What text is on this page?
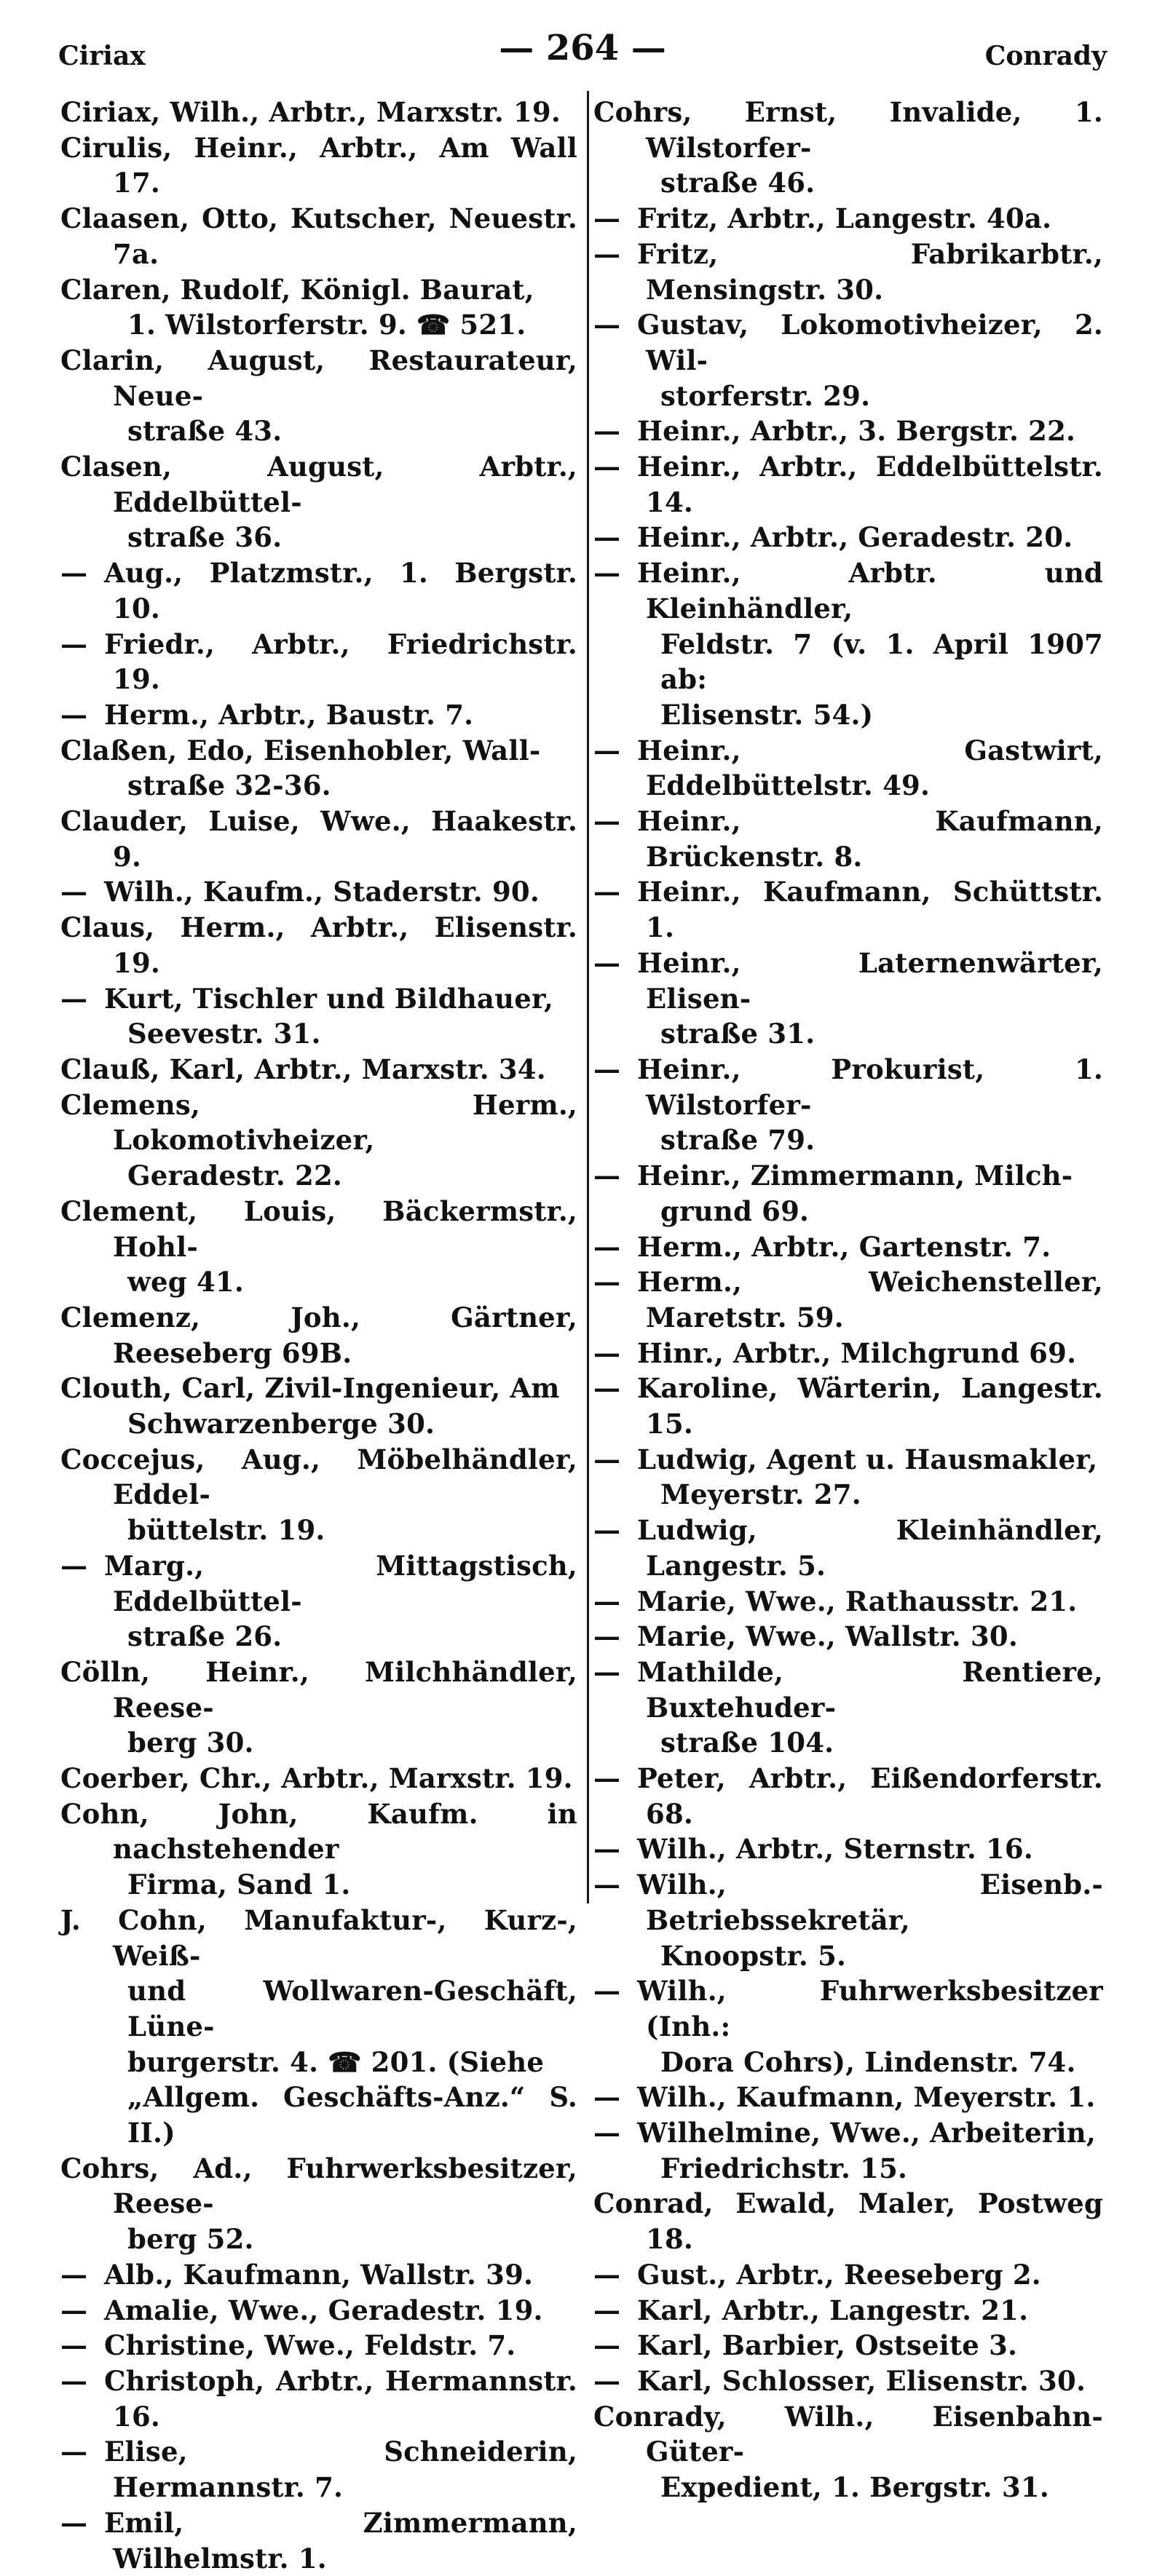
Ciriax	— 264 —	Conrady
Ciriax, Wilh., Arbtr., Marxstr. 19.
Cirulis, Heinr., Arbtr., Am Wall 17.
Claasen, Otto, Kutscher, Neuestr. 7a.
Claren, Rudolf, Königl. Baurat,
1. Wilstorferstr. 9. ☎ 521.
Clarin, August, Restaurateur, Neue-
straße 43.
Clasen, August, Arbtr., Eddelbüttel-
straße 36.
— Aug., Platzmstr., 1. Bergstr. 10.
— Friedr., Arbtr., Friedrichstr. 19.
— Herm., Arbtr., Baustr. 7.
Claßen, Edo, Eisenhobler, Wall-
straße 32-36.
Clauder, Luise, Wwe., Haakestr. 9.
— Wilh., Kaufm., Staderstr. 90.
Claus, Herm., Arbtr., Elisenstr. 19.
— Kurt, Tischler und Bildhauer,
Seevestr. 31.
Clauß, Karl, Arbtr., Marxstr. 34.
Clemens, Herm., Lokomotivheizer,
Geradestr. 22.
Clement, Louis, Bäckermstr., Hohl-
weg 41.
Clemenz, Joh., Gärtner, Reeseberg 69B.
Clouth, Carl, Zivil-Ingenieur, Am
Schwarzenberge 30.
Coccejus, Aug., Möbelhändler, Eddel-
büttelstr. 19.
— Marg., Mittagstisch, Eddelbüttel-
straße 26.
Cölln, Heinr., Milchhändler, Reese-
berg 30.
Coerber, Chr., Arbtr., Marxstr. 19.
Cohn, John, Kaufm. in nachstehender
Firma, Sand 1.
J. Cohn, Manufaktur-, Kurz-, Weiß-
und Wollwaren-Geschäft, Lüne-
burgerstr. 4. ☎ 201. (Siehe
„Allgem. Geschäfts-Anz.“ S. II.)
Cohrs, Ad., Fuhrwerksbesitzer, Reese-
berg 52.
— Alb., Kaufmann, Wallstr. 39.
— Amalie, Wwe., Geradestr. 19.
— Christine, Wwe., Feldstr. 7.
— Christoph, Arbtr., Hermannstr. 16.
— Elise, Schneiderin, Hermannstr. 7.
— Emil, Zimmermann, Wilhelmstr. 1.
Cohrs, Ernst, Invalide, 1. Wilstorfer-
straße 46.
— Fritz, Arbtr., Langestr. 40a.
— Fritz, Fabrikarbtr., Mensingstr. 30.
— Gustav, Lokomotivheizer, 2. Wil-
storferstr. 29.
— Heinr., Arbtr., 3. Bergstr. 22.
— Heinr., Arbtr., Eddelbüttelstr. 14.
— Heinr., Arbtr., Geradestr. 20.
— Heinr., Arbtr. und Kleinhändler,
Feldstr. 7 (v. 1. April 1907 ab:
Elisenstr. 54.)
— Heinr., Gastwirt, Eddelbüttelstr. 49.
— Heinr., Kaufmann, Brückenstr. 8.
— Heinr., Kaufmann, Schüttstr. 1.
— Heinr., Laternenwärter, Elisen-
straße 31.
— Heinr., Prokurist, 1. Wilstorfer-
straße 79.
— Heinr., Zimmermann, Milch-
grund 69.
— Herm., Arbtr., Gartenstr. 7.
— Herm., Weichensteller, Maretstr. 59.
— Hinr., Arbtr., Milchgrund 69.
— Karoline, Wärterin, Langestr. 15.
— Ludwig, Agent u. Hausmakler,
Meyerstr. 27.
— Ludwig, Kleinhändler, Langestr. 5.
— Marie, Wwe., Rathausstr. 21.
— Marie, Wwe., Wallstr. 30.
— Mathilde, Rentiere, Buxtehuder-
straße 104.
— Peter, Arbtr., Eißendorferstr. 68.
— Wilh., Arbtr., Sternstr. 16.
— Wilh., Eisenb.-Betriebssekretär,
Knoopstr. 5.
— Wilh., Fuhrwerksbesitzer (Inh.:
Dora Cohrs), Lindenstr. 74.
— Wilh., Kaufmann, Meyerstr. 1.
— Wilhelmine, Wwe., Arbeiterin,
Friedrichstr. 15.
Conrad, Ewald, Maler, Postweg 18.
— Gust., Arbtr., Reeseberg 2.
— Karl, Arbtr., Langestr. 21.
— Karl, Barbier, Ostseite 3.
— Karl, Schlosser, Elisenstr. 30.
Conrady, Wilh., Eisenbahn-Güter-
Expedient, 1. Bergstr. 31.
